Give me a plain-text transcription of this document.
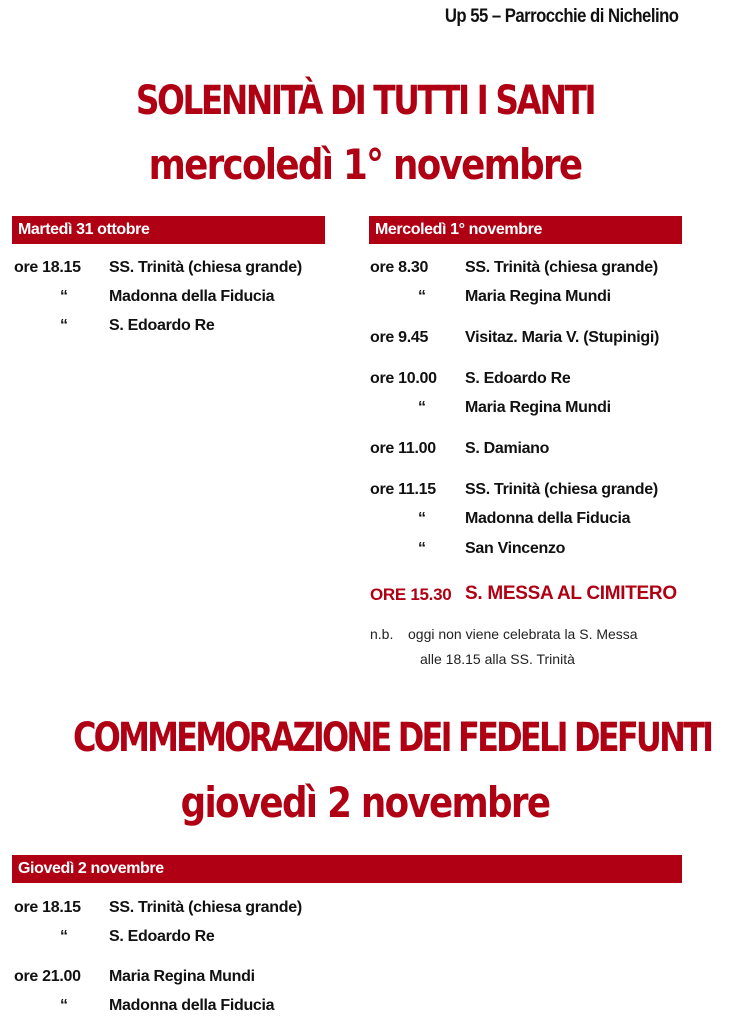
Up 55 – Parrocchie di Nichelino
SOLENNITÀ DI TUTTI I SANTI
mercoledì 1° novembre
Martedì 31 ottobre
ore 18.15 SS. Trinità (chiesa grande)
“	Madonna della Fiducia
“	S. Edoardo Re
Mercoledì 1° novembre
ore 8.30 SS. Trinità (chiesa grande)
“ Maria Regina Mundi
ore 9.45 Visitaz. Maria V. (Stupinigi)
ore 10.00 S. Edoardo Re
“ Maria Regina Mundi
ore 11.00 S. Damiano
ore 11.15 SS. Trinità (chiesa grande)
“ Madonna della Fiducia
“ San Vincenzo
ORE 15.30 S. MESSA AL CIMITERO
n.b. oggi non viene celebrata la S. Messa
alle 18.15 alla SS. Trinità
COMMEMORAZIONE DEI FEDELI DEFUNTI
giovedì 2 novembre
Giovedì 2 novembre
ore 18.15 SS. Trinità (chiesa grande)
“	S. Edoardo Re
ore 21.00 Maria Regina Mundi
“	Madonna della Fiducia
